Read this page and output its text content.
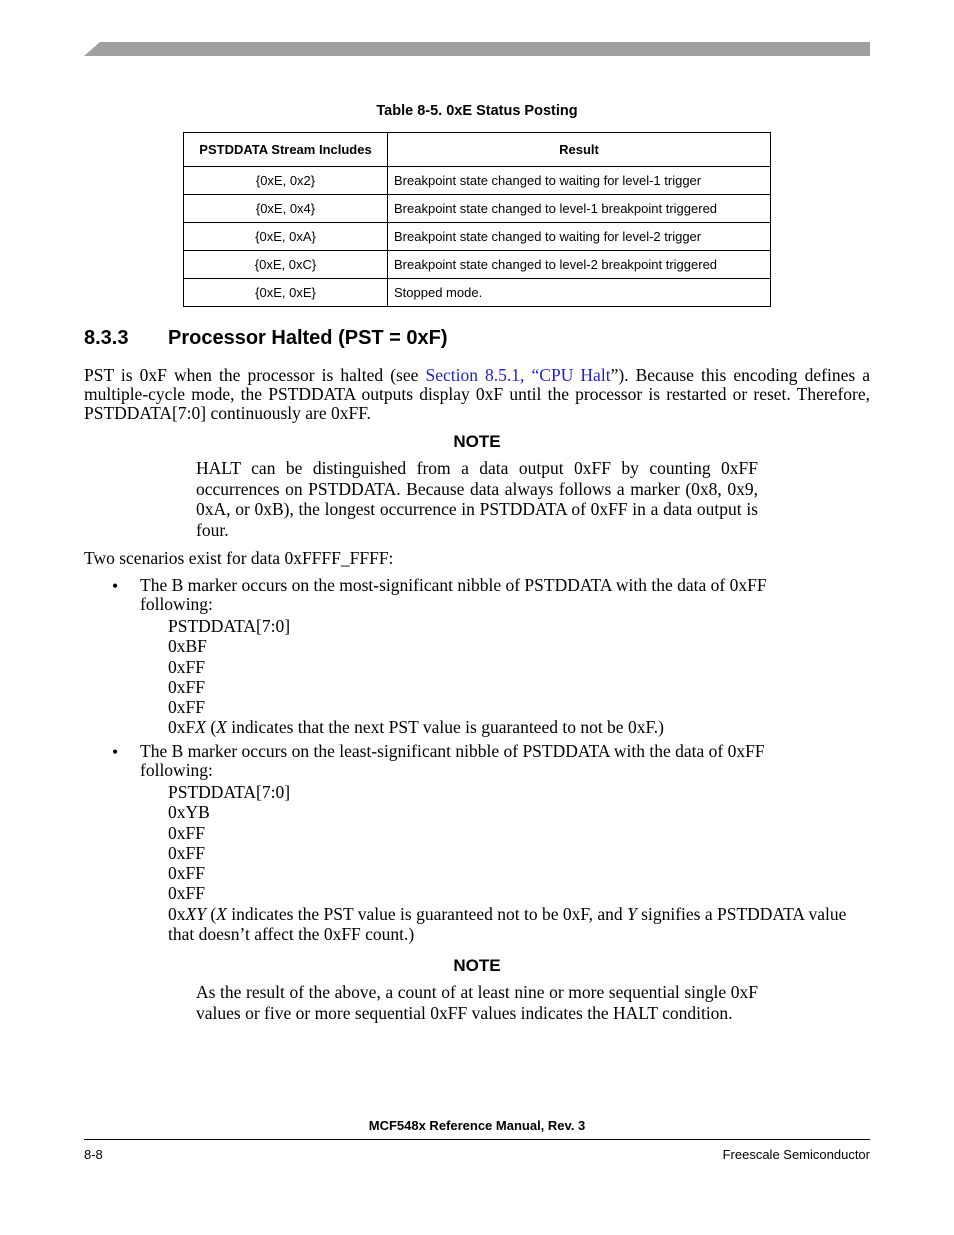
Table 8-5. 0xE Status Posting
PSTDDATA Stream Includes	Result
{0xE, 0x2}	Breakpoint state changed to waiting for level-1 trigger
{0xE, 0x4}	Breakpoint state changed to level-1 breakpoint triggered
{0xE, 0xA}	Breakpoint state changed to waiting for level-2 trigger
{0xE, 0xC}	Breakpoint state changed to level-2 breakpoint triggered
{0xE, 0xE}	Stopped mode.
8.3.3 Processor Halted (PST = 0xF)
PST is 0xF when the processor is halted (see Section 8.5.1, “CPU Halt”). Because this encoding defines a multiple-cycle mode, the PSTDDATA outputs display 0xF until the processor is restarted or reset. Therefore, PSTDDATA[7:0] continuously are 0xFF.
NOTE
HALT can be distinguished from a data output 0xFF by counting 0xFF occurrences on PSTDDATA. Because data always follows a marker (0x8, 0x9, 0xA, or 0xB), the longest occurrence in PSTDDATA of 0xFF in a data output is four.
Two scenarios exist for data 0xFFFF_FFFF:
• The B marker occurs on the most-significant nibble of PSTDDATA with the data of 0xFF following:
PSTDDATA[7:0]
0xBF
0xFF
0xFF
0xFF
0xFX (X indicates that the next PST value is guaranteed to not be 0xF.)
• The B marker occurs on the least-significant nibble of PSTDDATA with the data of 0xFF following:
PSTDDATA[7:0]
0xYB
0xFF
0xFF
0xFF
0xFF
0xXY (X indicates the PST value is guaranteed not to be 0xF, and Y signifies a PSTDDATA value that doesn’t affect the 0xFF count.)
NOTE
As the result of the above, a count of at least nine or more sequential single 0xF values or five or more sequential 0xFF values indicates the HALT condition.
MCF548x Reference Manual, Rev. 3
8-8	Freescale Semiconductor
